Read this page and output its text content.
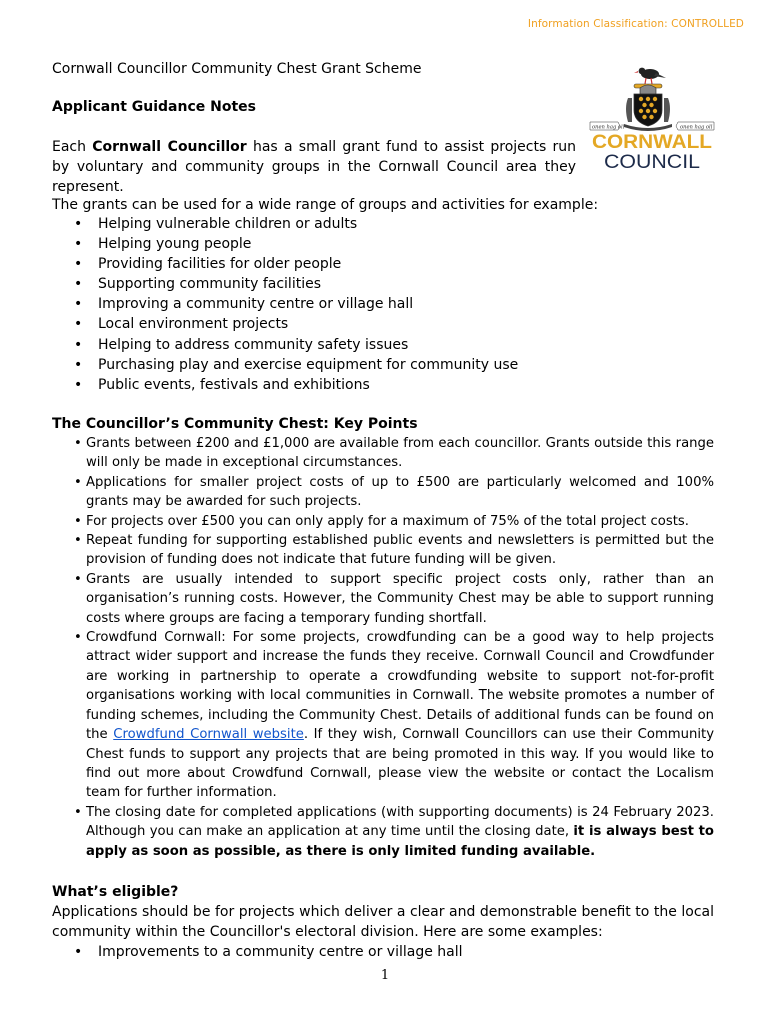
Information Classification: CONTROLLED
Cornwall Councillor Community Chest Grant Scheme
Applicant Guidance Notes
Each Cornwall Councillor has a small grant fund to assist projects run by voluntary and community groups in the Cornwall Council area they represent.
onen hag oll	onen hag oll
CORNWALL
COUNCIL
The grants can be used for a wide range of groups and activities for example:
• Helping vulnerable children or adults
• Helping young people
• Providing facilities for older people
• Supporting community facilities
• Improving a community centre or village hall
• Local environment projects
• Helping to address community safety issues
• Purchasing play and exercise equipment for community use
• Public events, festivals and exhibitions
The Councillor’s Community Chest: Key Points
• Grants between £200 and £1,000 are available from each councillor. Grants outside this range will only be made in exceptional circumstances.
• Applications for smaller project costs of up to £500 are particularly welcomed and 100% grants may be awarded for such projects.
• For projects over £500 you can only apply for a maximum of 75% of the total project costs.
• Repeat funding for supporting established public events and newsletters is permitted but the provision of funding does not indicate that future funding will be given.
• Grants are usually intended to support specific project costs only, rather than an organisation’s running costs. However, the Community Chest may be able to support running costs where groups are facing a temporary funding shortfall.
• Crowdfund Cornwall: For some projects, crowdfunding can be a good way to help projects attract wider support and increase the funds they receive. Cornwall Council and Crowdfunder are working in partnership to operate a crowdfunding website to support not-for-profit organisations working with local communities in Cornwall. The website promotes a number of funding schemes, including the Community Chest. Details of additional funds can be found on the Crowdfund Cornwall website. If they wish, Cornwall Councillors can use their Community Chest funds to support any projects that are being promoted in this way. If you would like to find out more about Crowdfund Cornwall, please view the website or contact the Localism team for further information.
• The closing date for completed applications (with supporting documents) is 24 February 2023. Although you can make an application at any time until the closing date, it is always best to apply as soon as possible, as there is only limited funding available.
What’s eligible?
Applications should be for projects which deliver a clear and demonstrable benefit to the local community within the Councillor's electoral division. Here are some examples:
• Improvements to a community centre or village hall
1
